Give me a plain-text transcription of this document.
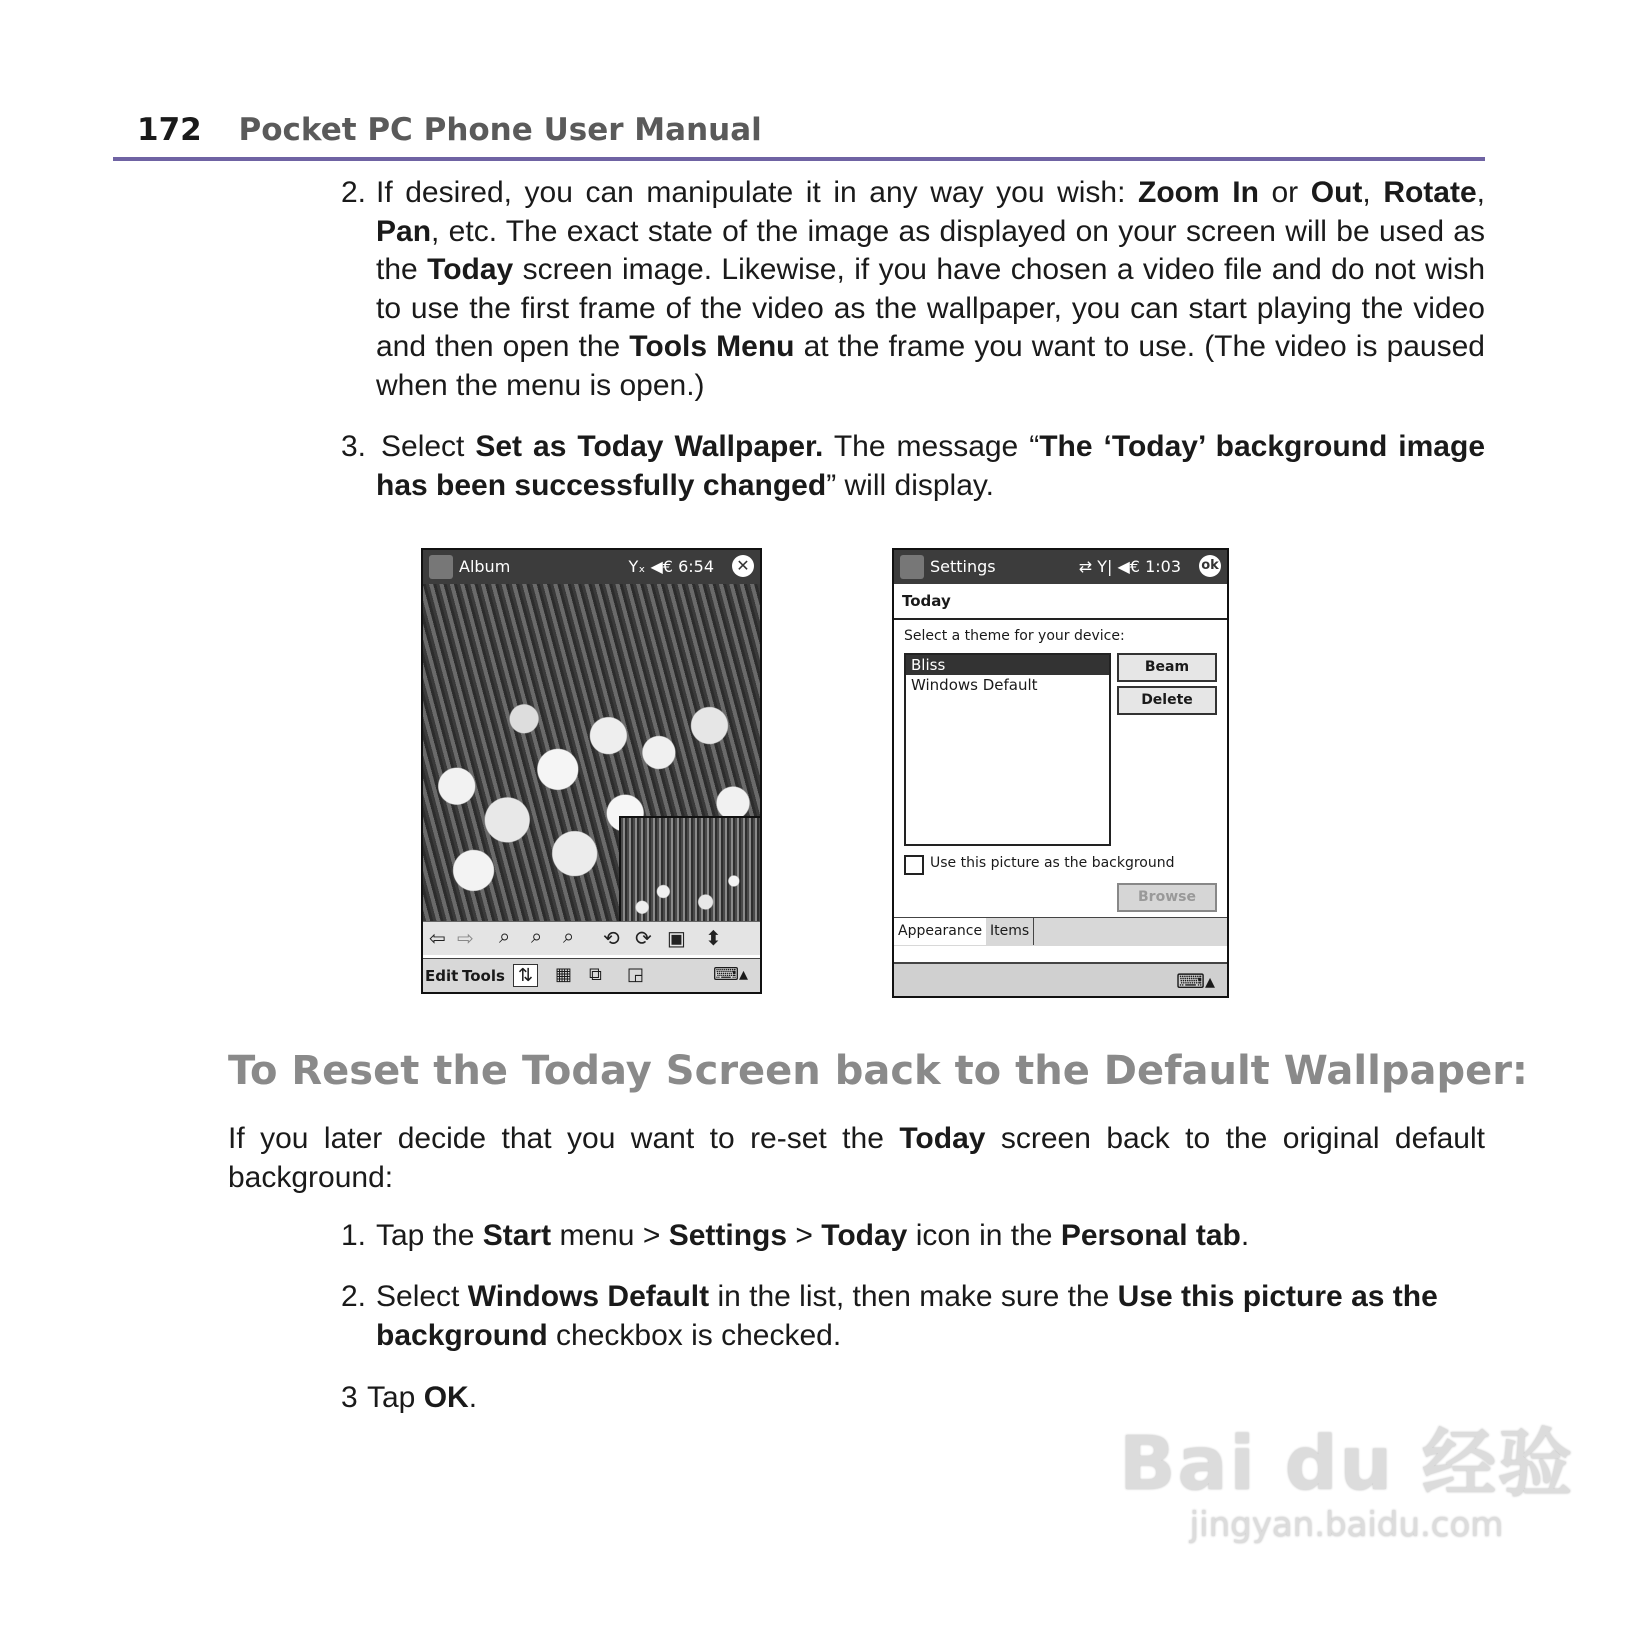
172 Pocket PC Phone User Manual
2. If desired, you can manipulate it in any way you wish: Zoom In or Out, Rotate, Pan, etc. The exact state of the image as displayed on your screen will be used as the Today screen image. Likewise, if you have chosen a video file and do not wish to use the first frame of the video as the wallpaper, you can start playing the video and then open the Tools Menu at the frame you want to use. (The video is paused when the menu is open.)
3. Select Set as Today Wallpaper. The message “The ‘Today’ background image has been successfully changed” will display.
Album	Yₓ ◀€ 6:54 ✕
⇦ ⇨ ⌕ ⌕ ⌕ ⟲ ⟳ ▣ ⬍
Edit Tools ⇅ ▦ ⧉ ◲	⌨▴
Settings	⇄ Y| ◀€ 1:03 ok
Today
Select a theme for your device:
Bliss
Windows Default
Beam
Delete
Use this picture as the background
Browse
Appearance Items
⌨▴
To Reset the Today Screen back to the Default Wallpaper:
If you later decide that you want to re-set the Today screen back to the original default background:
1. Tap the Start menu > Settings > Today icon in the Personal tab.
2. Select Windows Default in the list, then make sure the Use this picture as the background checkbox is checked.
3 Tap OK.
Bai du 经验
jingyan.baidu.com
